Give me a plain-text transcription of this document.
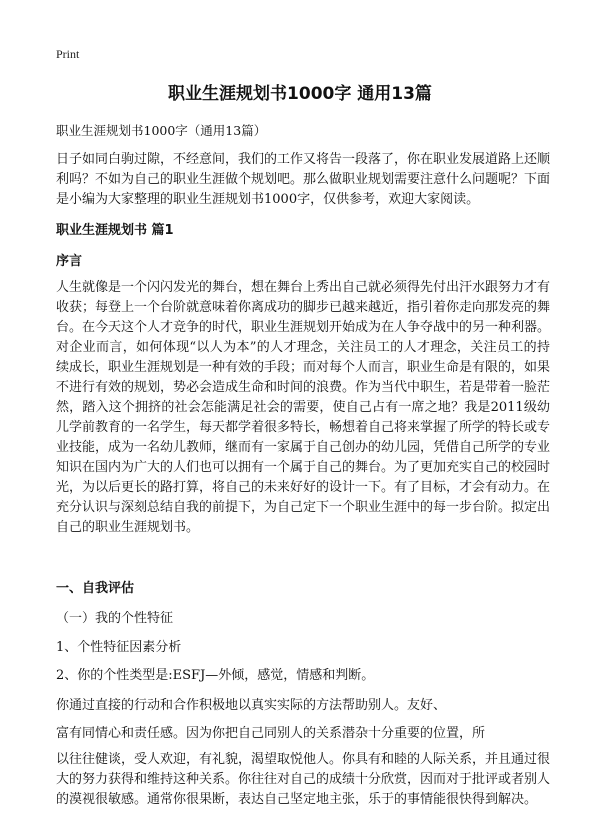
Print
职业生涯规划书1000字 通用13篇

职业生涯规划书1000字（通用13篇）

日子如同白驹过隙，不经意间，我们的工作又将告一段落了，你在职业发展道路上还顺利吗？不如为自己的职业生涯做个规划吧。那么做职业规划需要注意什么问题呢？下面是小编为大家整理的职业生涯规划书1000字，仅供参考，欢迎大家阅读。

职业生涯规划书 篇1

序言

人生就像是一个闪闪发光的舞台，想在舞台上秀出自己就必须得先付出汗水跟努力才有收获；每登上一个台阶就意味着你离成功的脚步已越来越近，指引着你走向那发亮的舞台。在今天这个人才竞争的时代，职业生涯规划开始成为在人争夺战中的另一种利器。对企业而言，如何体现“以人为本”的人才理念，关注员工的人才理念，关注员工的持续成长，职业生涯规划是一种有效的手段；而对每个人而言，职业生命是有限的，如果不进行有效的规划，势必会造成生命和时间的浪费。作为当代中职生，若是带着一脸茫然，踏入这个拥挤的社会怎能满足社会的需要，使自己占有一席之地？我是2011级幼儿学前教育的一名学生，每天都学着很多特长，畅想着自己将来掌握了所学的特长或专业技能，成为一名幼儿教师，继而有一家属于自己创办的幼儿园，凭借自己所学的专业知识在国内为广大的人们也可以拥有一个属于自己的舞台。为了更加充实自己的校园时光，为以后更长的路打算，将自己的未来好好的设计一下。有了目标，才会有动力。在充分认识与深刻总结自我的前提下，为自己定下一个职业生涯中的每一步台阶。拟定出自己的职业生涯规划书。

一、自我评估

（一）我的个性特征

1、个性特征因素分析

2、你的个性类型是:ESFJ—外倾，感觉，情感和判断。

你通过直接的行动和合作积极地以真实实际的方法帮助别人。友好、

富有同情心和责任感。因为你把自己同别人的关系潜杂十分重要的位置，所

以往往健谈，受人欢迎，有礼貌，渴望取悦他人。你具有和睦的人际关系，并且通过很大的努力获得和维持这种关系。你往往对自己的成绩十分欣赏，因而对于批评或者别人的漠视很敏感。通常你很果断，表达自己坚定地主张，乐于的事情能很快得到解决。
